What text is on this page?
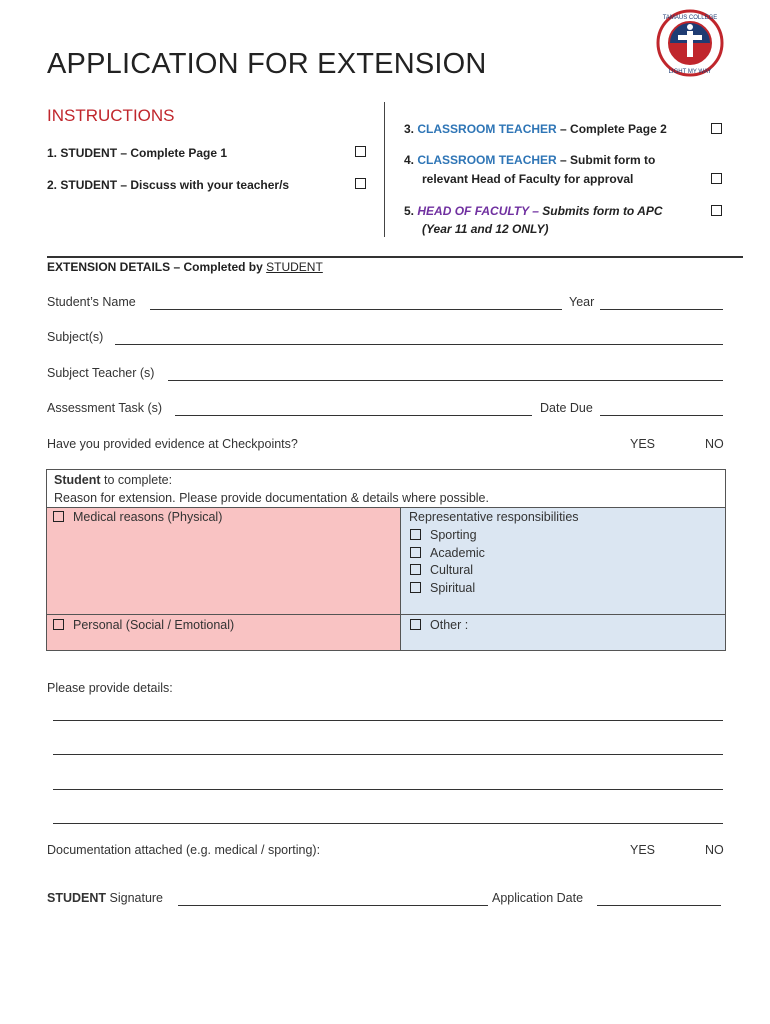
APPLICATION FOR EXTENSION
TAMAUS COLLEGE
LIGHT MY WAY
INSTRUCTIONS
1. STUDENT – Complete Page 1
2. STUDENT – Discuss with your teacher/s
3. CLASSROOM TEACHER – Complete Page 2
4. CLASSROOM TEACHER – Submit form to
relevant Head of Faculty for approval
5. HEAD OF FACULTY – Submits form to APC
(Year 11 and 12 ONLY)
EXTENSION DETAILS – Completed by STUDENT
Student’s Name	Year
Subject(s)
Subject Teacher (s)
Assessment Task (s)	Date Due
Have you provided evidence at Checkpoints?	YES	NO
Student to complete:
Reason for extension. Please provide documentation & details where possible.
Medical reasons (Physical)	Representative responsibilities
Sporting
Academic
Cultural
Spiritual
Personal (Social / Emotional)	Other :
Please provide details:
Documentation attached (e.g. medical / sporting):	YES	NO
STUDENT Signature	Application Date
